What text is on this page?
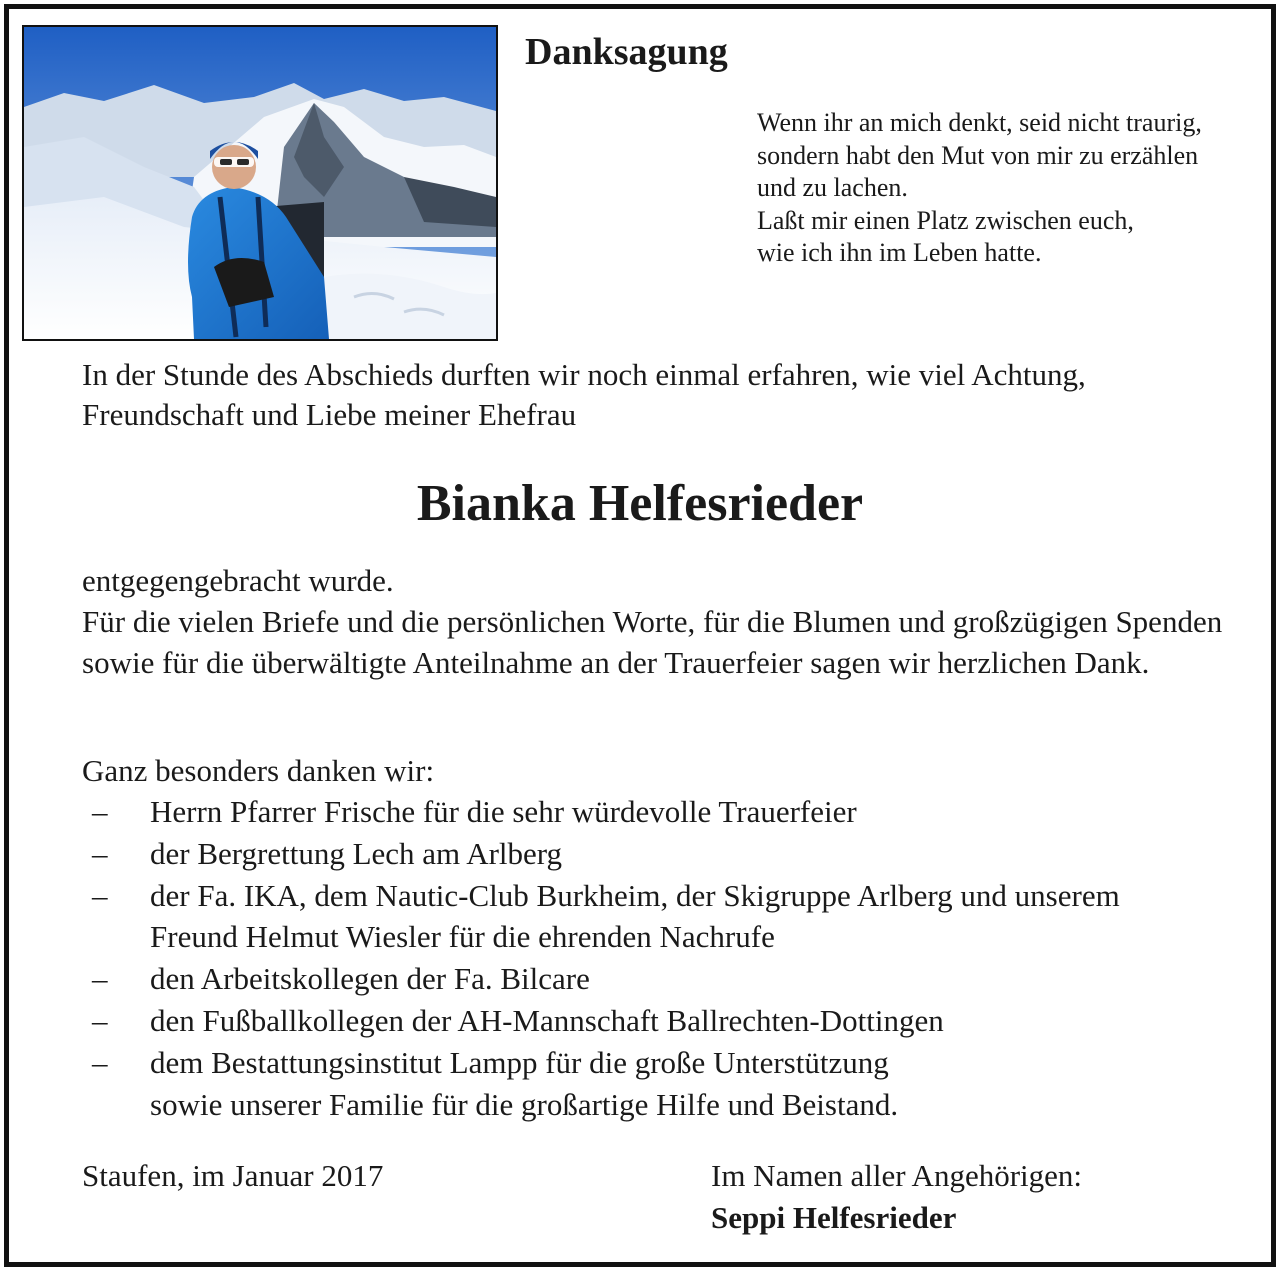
Danksagung
Wenn ihr an mich denkt, seid nicht traurig,
sondern habt den Mut von mir zu erzählen
und zu lachen.
Laßt mir einen Platz zwischen euch,
wie ich ihn im Leben hatte.

In der Stunde des Abschieds durften wir noch einmal erfahren, wie viel Achtung, Freundschaft und Liebe meiner Ehefrau

Bianka Helfesrieder

entgegengebracht wurde.
Für die vielen Briefe und die persönlichen Worte, für die Blumen und großzügigen Spenden sowie für die überwältigte Anteilnahme an der Trauerfeier sagen wir herzlichen Dank.

Ganz besonders danken wir:

– Herrn Pfarrer Frische für die sehr würdevolle Trauerfeier
– der Bergrettung Lech am Arlberg
– der Fa. IKA, dem Nautic-Club Burkheim, der Skigruppe Arlberg und unserem
Freund Helmut Wiesler für die ehrenden Nachrufe
– den Arbeitskollegen der Fa. Bilcare
– den Fußballkollegen der AH-Mannschaft Ballrechten-Dottingen
– dem Bestattungsinstitut Lampp für die große Unterstützung
sowie unserer Familie für die großartige Hilfe und Beistand.

Staufen, im Januar 2017	Im Namen aller Angehörigen:
Seppi Helfesrieder
